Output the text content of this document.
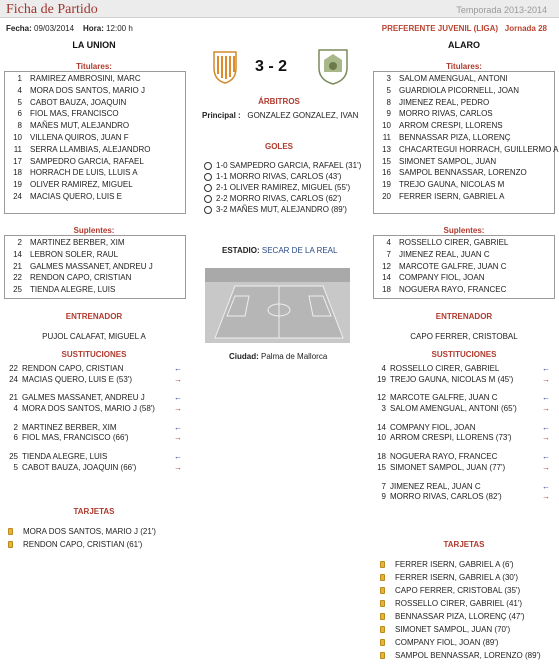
Ficha de Partido	Temporada 2013-2014
Fecha: 09/03/2014 Hora: 12:00 h	PREFERENTE JUVENIL (LIGA) Jornada 28
LA UNION	ALARO
3 - 2
Titulares:	Titulares:
1 RAMIREZ AMBROSINI, MARC
4 MORA DOS SANTOS, MARIO J
5 CABOT BAUZA, JOAQUIN
6 FIOL MAS, FRANCISCO
8 MAÑES MUT, ALEJANDRO
10 VILLENA QUIROS, JUAN F
11 SERRA LLAMBIAS, ALEJANDRO
17 SAMPEDRO GARCIA, RAFAEL
18 HORRACH DE LUIS, LLUIS A
19 OLIVER RAMIREZ, MIGUEL
24 MACIAS QUERO, LUIS E
3 SALOM AMENGUAL, ANTONI
5 GUARDIOLA PICORNELL, JOAN
8 JIMENEZ REAL, PEDRO
9 MORRO RIVAS, CARLOS
10 ARROM CRESPI, LLORENS
11 BENNASSAR PIZA, LLORENÇ
13 CHACARTEGUI HORRACH, GUILLERMO A
15 SIMONET SAMPOL, JUAN
16 SAMPOL BENNASSAR, LORENZO
19 TREJO GAUNA, NICOLAS M
20 FERRER ISERN, GABRIEL A
Suplentes:	Suplentes:
2 MARTINEZ BERBER, XIM
14 LEBRON SOLER, RAUL
21 GALMES MASSANET, ANDREU J
22 RENDON CAPO, CRISTIAN
25 TIENDA ALEGRE, LUIS
4 ROSSELLO CIRER, GABRIEL
7 JIMENEZ REAL, JUAN C
12 MARCOTE GALFRE, JUAN C
14 COMPANY FIOL, JOAN
18 NOGUERA RAYO, FRANCEC
ÁRBITROS
Principal : GONZALEZ GONZALEZ, IVAN
GOLES
1-0 SAMPEDRO GARCIA, RAFAEL (31')
1-1 MORRO RIVAS, CARLOS (43')
2-1 OLIVER RAMIREZ, MIGUEL (55')
2-2 MORRO RIVAS, CARLOS (62')
3-2 MAÑES MUT, ALEJANDRO (89')
ESTADIO: SECAR DE LA REAL
Ciudad: Palma de Mallorca
ENTRENADOR
PUJOL CALAFAT, MIGUEL A
ENTRENADOR
CAPO FERRER, CRISTOBAL
SUSTITUCIONES	SUSTITUCIONES
22 RENDON CAPO, CRISTIAN	←
24 MACIAS QUERO, LUIS E (53')	→
21 GALMES MASSANET, ANDREU J	←
4 MORA DOS SANTOS, MARIO J (58') →
2 MARTINEZ BERBER, XIM	←
6 FIOL MAS, FRANCISCO (66')	→
25 TIENDA ALEGRE, LUIS	←
5 CABOT BAUZA, JOAQUIN (66')	→
4 ROSSELLO CIRER, GABRIEL	←
19 TREJO GAUNA, NICOLAS M (45')	→
12 MARCOTE GALFRE, JUAN C	←
3 SALOM AMENGUAL, ANTONI (65')	→
14 COMPANY FIOL, JOAN	←
10 ARROM CRESPI, LLORENS (73')	→
18 NOGUERA RAYO, FRANCEC	←
15 SIMONET SAMPOL, JUAN (77')	→
7 JIMENEZ REAL, JUAN C	←
9 MORRO RIVAS, CARLOS (82')	→
TARJETAS
MORA DOS SANTOS, MARIO J (21')
RENDON CAPO, CRISTIAN (61')	TARJETAS
FERRER ISERN, GABRIEL A (6')
FERRER ISERN, GABRIEL A (30')
CAPO FERRER, CRISTOBAL (35')
ROSSELLO CIRER, GABRIEL (41')
BENNASSAR PIZA, LLORENÇ (47')
SIMONET SAMPOL, JUAN (70')
COMPANY FIOL, JOAN (89')
SAMPOL BENNASSAR, LORENZO (89')
